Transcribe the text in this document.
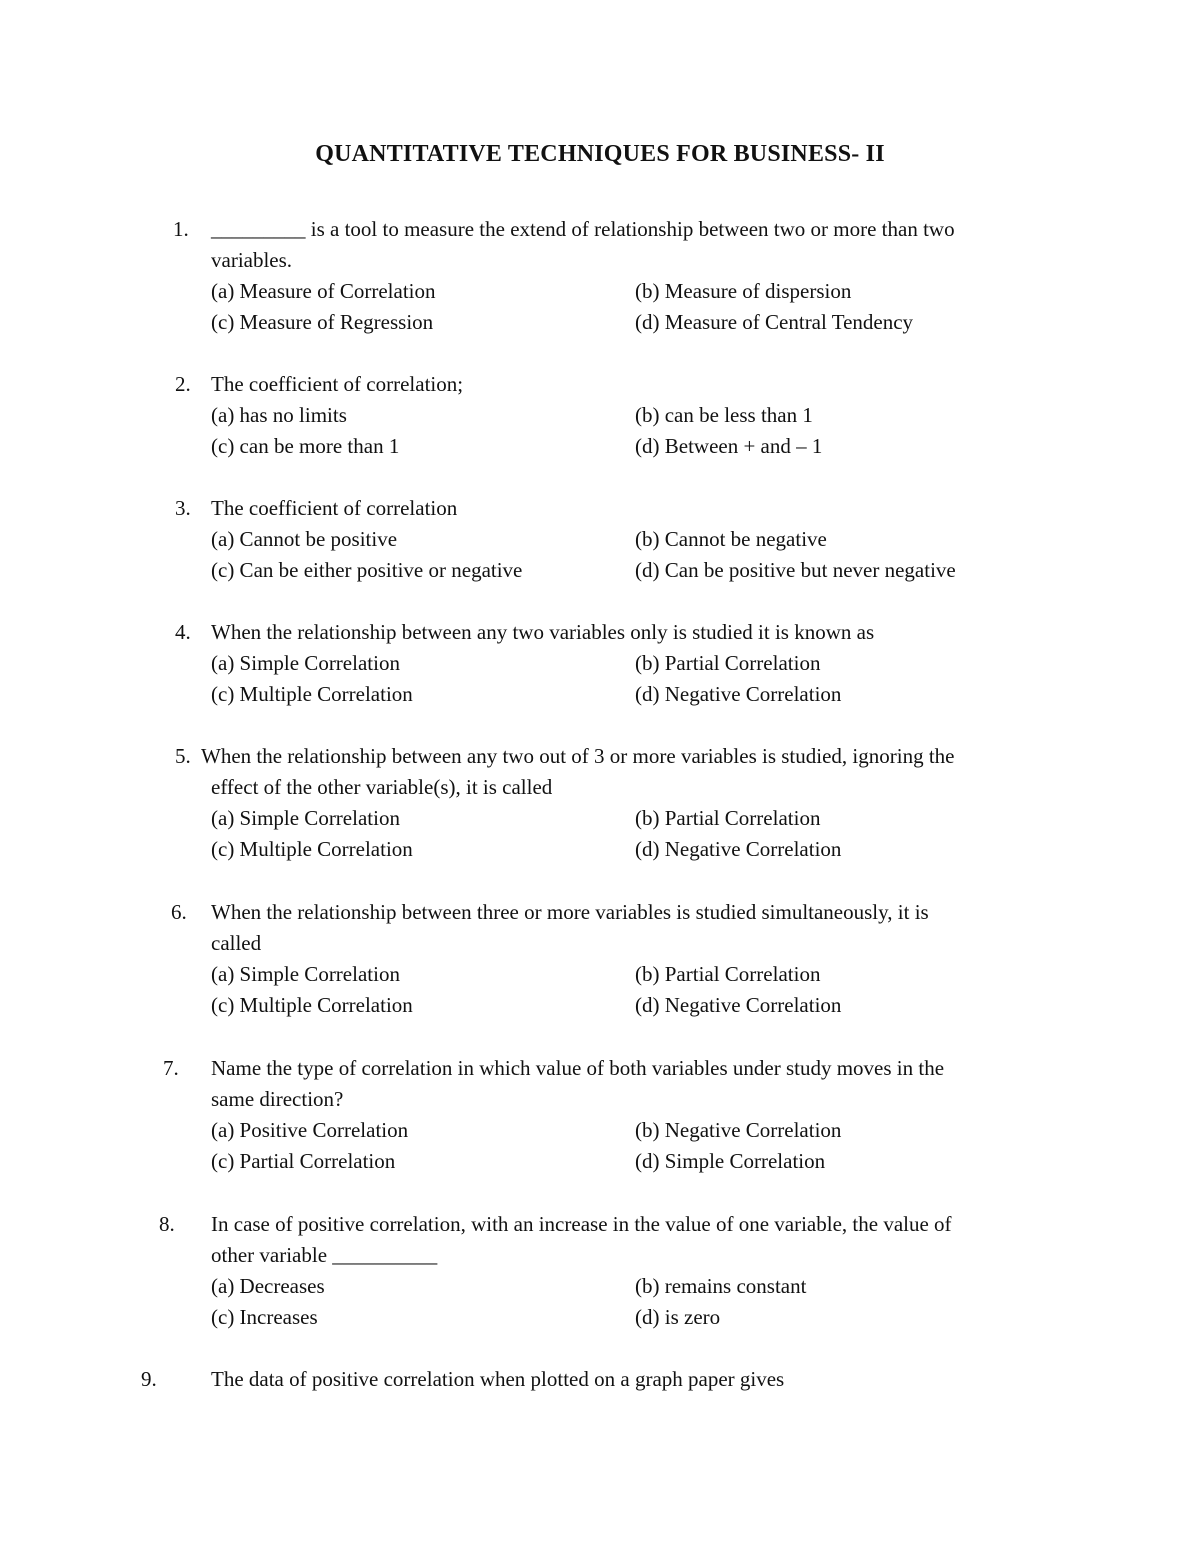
QUANTITATIVE TECHNIQUES FOR BUSINESS- II
1. _________ is a tool to measure the extend of relationship between two or more than two
variables.
(a) Measure of Correlation	(b) Measure of dispersion
(c) Measure of Regression	(d) Measure of Central Tendency
2. The coefficient of correlation;
(a) has no limits	(b) can be less than 1
(c) can be more than 1	(d) Between + and – 1
3. The coefficient of correlation
(a) Cannot be positive	(b) Cannot be negative
(c) Can be either positive or negative	(d) Can be positive but never negative
4. When the relationship between any two variables only is studied it is known as
(a) Simple Correlation	(b) Partial Correlation
(c) Multiple Correlation	(d) Negative Correlation
5. When the relationship between any two out of 3 or more variables is studied, ignoring the
effect of the other variable(s), it is called
(a) Simple Correlation	(b) Partial Correlation
(c) Multiple Correlation	(d) Negative Correlation
6. When the relationship between three or more variables is studied simultaneously, it is
called
(a) Simple Correlation	(b) Partial Correlation
(c) Multiple Correlation	(d) Negative Correlation
7. Name the type of correlation in which value of both variables under study moves in the
same direction?
(a) Positive Correlation	(b) Negative Correlation
(c) Partial Correlation	(d) Simple Correlation
8. In case of positive correlation, with an increase in the value of one variable, the value of
other variable __________
(a) Decreases	(b) remains constant
(c) Increases	(d) is zero
9.	The data of positive correlation when plotted on a graph paper gives
